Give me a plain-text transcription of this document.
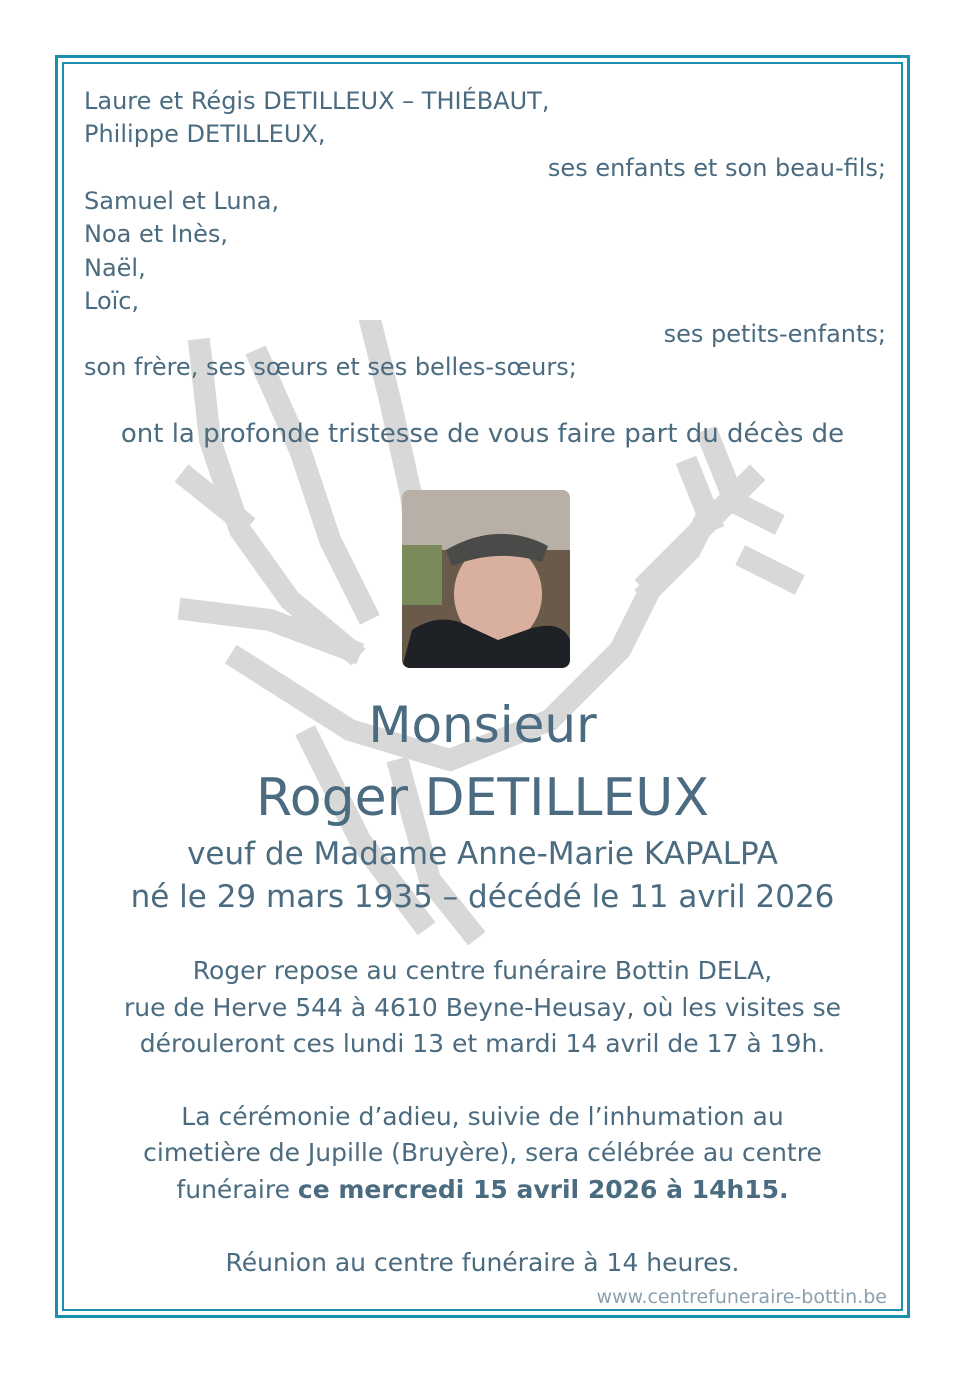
Laure et Régis DETILLEUX – THIÉBAUT,
Philippe DETILLEUX,
ses enfants et son beau-fils;
Samuel et Luna,
Noa et Inès,
Naël,
Loïc,
ses petits-enfants;
son frère, ses sœurs et ses belles-sœurs;
ont la profonde tristesse de vous faire part du décès de
Monsieur
Roger DETILLEUX
veuf de Madame Anne-Marie KAPALPA
né le 29 mars 1935 – décédé le 11 avril 2026
Roger repose au centre funéraire Bottin DELA,
rue de Herve 544 à 4610 Beyne-Heusay, où les visites se
dérouleront ces lundi 13 et mardi 14 avril de 17 à 19h.
La cérémonie d’adieu, suivie de l’inhumation au
cimetière de Jupille (Bruyère), sera célébrée au centre
funéraire ce mercredi 15 avril 2026 à 14h15.
Réunion au centre funéraire à 14 heures.
www.centrefuneraire-bottin.be
